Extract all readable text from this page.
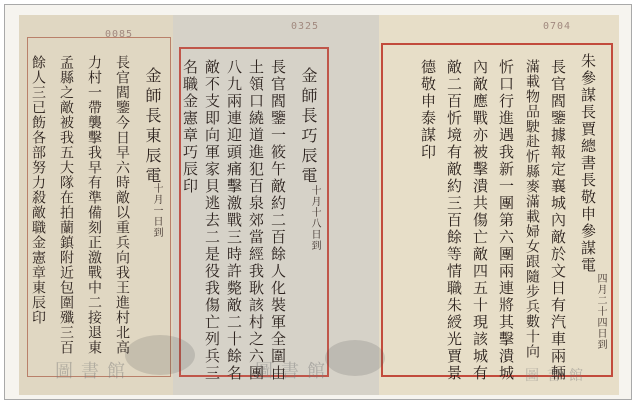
0085
金師長東辰電
十月一日到
長官閻鑒今日早六時敵以重兵向我王進村北高
力村一帶襲擊我早有準備刻正激戰中二接退東
孟縣之敵被我五大隊在拍蘭鎮附近包圍殲三百
餘人三已飭各部努力殺敵職金憲章東辰印
0325
金師長巧辰電
十月十八日到
長官閻鑒一筱午敵約二百餘人化裝軍全圍由
土領口繞道進犯百泉郊當經我耿該村之六團
八九兩連迎頭痛擊激戰三時許斃敵二十餘名
敵不支即向軍家貝逃去二是役我傷亡列兵三
名職金憲章巧辰印
0704
朱參謀長賈總書長敬申參謀電
四月二十四日到
長官閻鑒據報定襄城內敵於文日有汽車兩輛
滿載物品駛赴忻縣麥滿載婦女跟隨步兵數十向
忻口行進遇我新一團第六團兩連將其擊潰城
內敵應戰亦被擊潰共傷亡敵四五十現該城有
敵二百忻境有敵約三百餘等情職朱綬光賈景
德敬申泰謀印
圖書館	圖書館	圖書館
